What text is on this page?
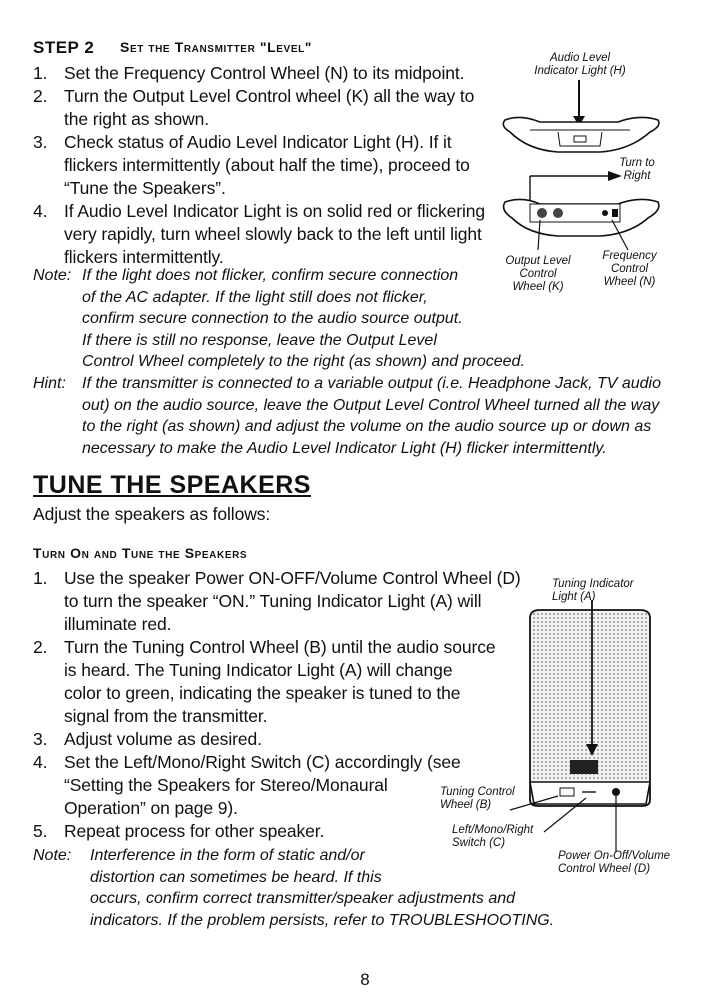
STEP 2 Set the Transmitter "Level"
1. Set the Frequency Control Wheel (N) to its midpoint.
2. Turn the Output Level Control wheel (K) all the way to the right as shown.
3. Check status of Audio Level Indicator Light (H). If it flickers intermittently (about half the time), proceed to “Tune the Speakers”.
4. If Audio Level Indicator Light is on solid red or flickering very rapidly, turn wheel slowly back to the left until light flickers intermittently.
Note: If the light does not flicker, confirm secure connection
of the AC adapter. If the light still does not flicker,
confirm secure connection to the audio source output.
If there is still no response, leave the Output Level
Control Wheel completely to the right (as shown) and proceed.
Hint: If the transmitter is connected to a variable output (i.e. Headphone Jack, TV audio
out) on the audio source, leave the Output Level Control Wheel turned all the way
to the right (as shown) and adjust the volume on the audio source up or down as
necessary to make the Audio Level Indicator Light (H) flicker intermittently.
Audio Level
Indicator Light (H)
Turn to
Right
Output Level
Control
Wheel (K)
Frequency
Control
Wheel (N)
TUNE THE SPEAKERS
Adjust the speakers as follows:
Turn On and Tune the Speakers
1. Use the speaker Power ON-OFF/Volume Control Wheel (D)
to turn the speaker “ON.” Tuning Indicator Light (A) will
illuminate red.
2. Turn the Tuning Control Wheel (B) until the audio source
is heard. The Tuning Indicator Light (A) will change
color to green, indicating the speaker is tuned to the
signal from the transmitter.
3. Adjust volume as desired.
4. Set the Left/Mono/Right Switch (C) accordingly (see
“Setting the Speakers for Stereo/Monaural
Operation” on page 9).
5. Repeat process for other speaker.
Note: Interference in the form of static and/or
distortion can sometimes be heard. If this
occurs, confirm correct transmitter/speaker adjustments and
indicators. If the problem persists, refer to TROUBLESHOOTING.
Tuning Indicator
Light (A)
Tuning Control
Wheel (B)
Left/Mono/Right
Switch (C)
Power On-Off/Volume
Control Wheel (D)
8
